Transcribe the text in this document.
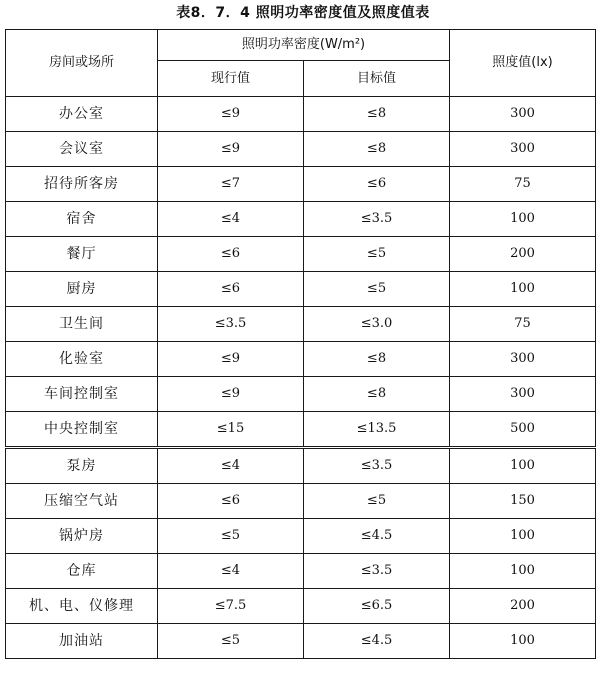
表8．7．4 照明功率密度值及照度值表
房间或场所	照明功率密度(W/m²)		照度值(lx)
	现行值	目标值	
办公室	≤9	≤8	300
会议室	≤9	≤8	300
招待所客房	≤7	≤6	75
宿舍	≤4	≤3.5	100
餐厅	≤6	≤5	200
厨房	≤6	≤5	100
卫生间	≤3.5	≤3.0	75
化验室	≤9	≤8	300
车间控制室	≤9	≤8	300
中央控制室	≤15	≤13.5	500
泵房	≤4	≤3.5	100
压缩空气站	≤6	≤5	150
锅炉房	≤5	≤4.5	100
仓库	≤4	≤3.5	100
机、电、仪修理	≤7.5	≤6.5	200
加油站	≤5	≤4.5	100
